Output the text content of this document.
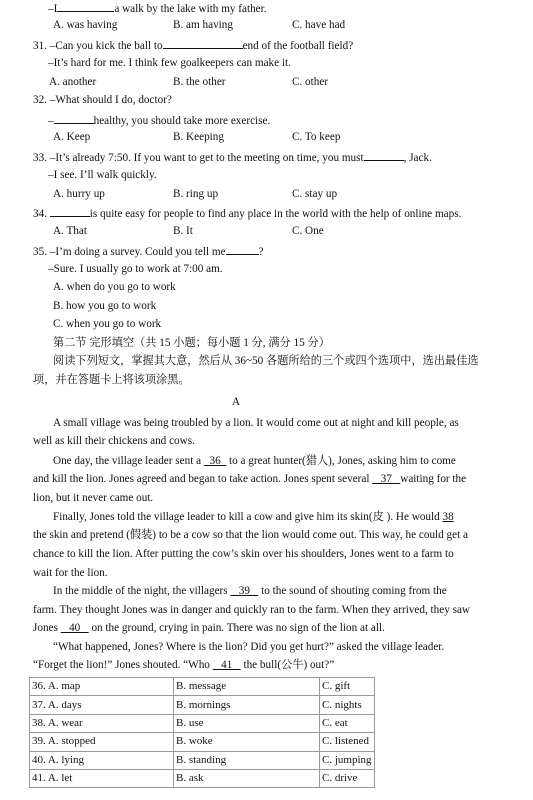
–I	a walk by the lake with my father.
A. was having	B. am having	C. have had
31. –Can you kick the ball to	end of the football field?
–It’s hard for me. I think few goalkeepers can make it.
A. another	B. the other	C. other
32. –What should I do, doctor?
–	healthy, you should take more exercise.
A. Keep	B. Keeping	C. To keep
33. –It’s already 7:50. If you want to get to the meeting on time, you must	, Jack.
–I see. I’ll walk quickly.
A. hurry up	B. ring up	C. stay up
34.	is quite easy for people to find any place in the world with the help of online maps.
A. That	B. It	C. One
35. –I’m doing a survey. Could you tell me	?
–Sure. I usually go to work at 7:00 am.
A. when do you go to work
B. how you go to work
C. when you go to work
第二节 完形填空（共 15 小题；每小题 1 分, 满分 15 分）
阅读下列短文，掌握其大意，然后从 36~50 各题所给的三个或四个选项中，选出最佳选
项，并在答题卡上将该项涂黑。
A
A small village was being troubled by a lion. It would come out at night and kill people, as
well as kill their chickens and cows.
One day, the village leader sent a   36   to a great hunter(猎人), Jones, asking him to come
and kill the lion. Jones agreed and began to take action. Jones spent several    37   waiting for the
lion, but it never came out.
Finally, Jones told the village leader to kill a cow and give him its skin(皮 ). He would 38
the skin and pretend (假装) to be a cow so that the lion would come out. This way, he could get a
chance to kill the lion. After putting the cow’s skin over his shoulders, Jones went to a farm to
wait for the lion.
In the middle of the night, the villagers    39    to the sound of shouting coming from the
farm. They thought Jones was in danger and quickly ran to the farm. When they arrived, they saw
Jones    40    on the ground, crying in pain. There was no sign of the lion at all.
“What happened, Jones? Where is the lion? Did you get hurt?” asked the village leader.
“Forget the lion!” Jones shouted. “Who    41    the bull(公牛) out?”
36. A. map	B. message	C. gift
37. A. days	B. mornings	C. nights
38. A. wear	B. use	C. eat
39. A. stopped	B. woke	C. listened
40. A. lying	B. standing	C. jumping
41. A. let	B. ask	C. drive
